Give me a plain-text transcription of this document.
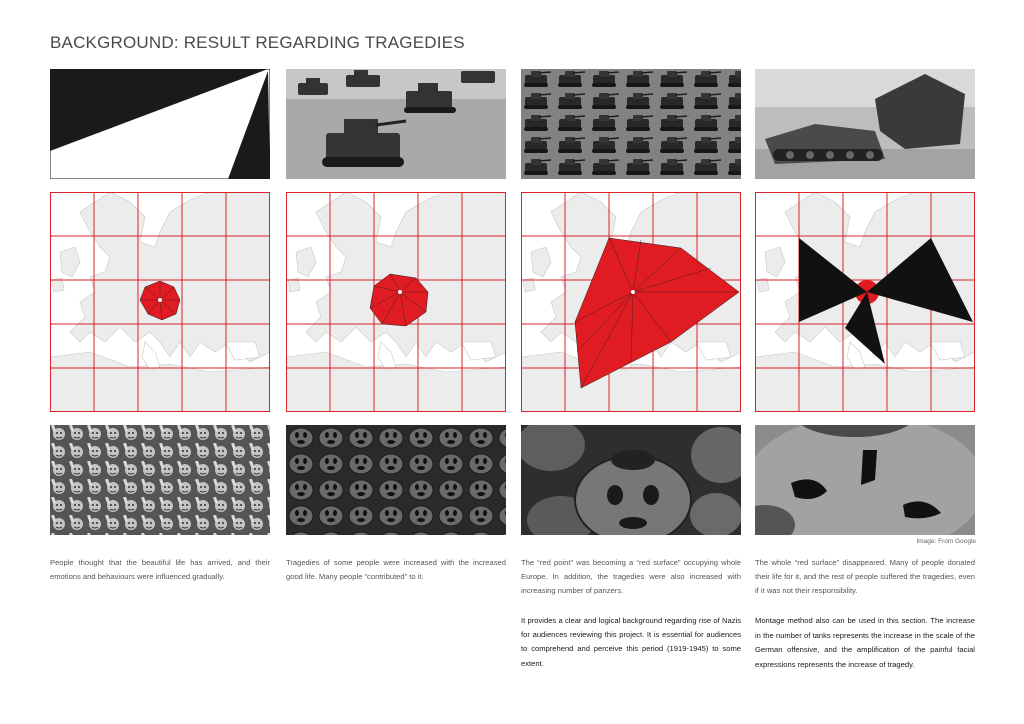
BACKGROUND: RESULT REGARDING TRAGEDIES
Image: From Google
People thought that the beautiful life has arrived, and their emotions and behaviours were influenced gradually.
Tragedies of some people were increased with the increased good life. Many people “contributed” to it.
The “red point” was becoming a “red surface” occupying whole Europe. In addition, the tragedies were also increased with increasing number of panzers.
The whole “red surface” disappeared. Many of people donated their life for it, and the rest of people suffered the tragedies, even if it was not their responsibility.
It provides a clear and logical background regarding rise of Nazis for audiences reviewing this project. It is essential for audiences to comprehend and perceive this period (1919-1945) to some extent.
Montage method also can be used in this section. The increase in the number of tanks represents the increase in the scale of the German offensive, and the amplification of the painful facial expressions represents the increase of tragedy.
